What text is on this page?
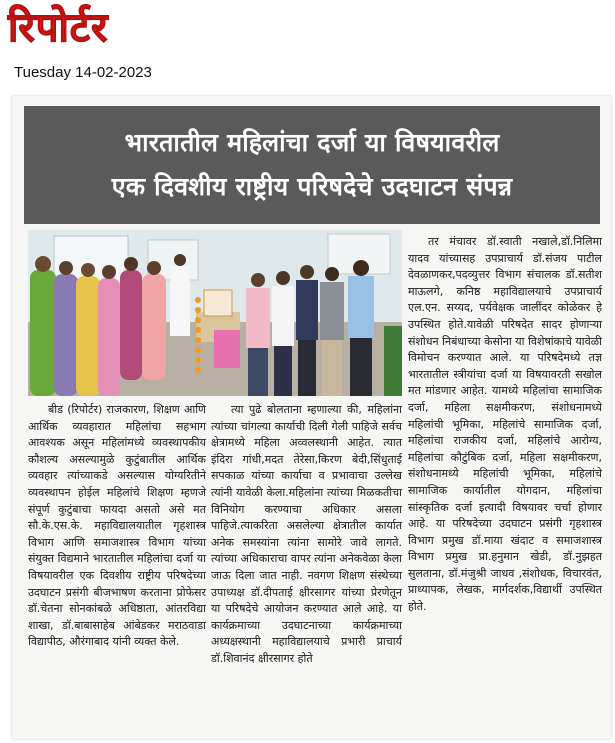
रिपोर्टर
Tuesday 14-02-2023
भारतातील महिलांचा दर्जा या विषयावरील
एक दिवशीय राष्ट्रीय परिषदेचे उदघाटन संपन्न

बीड (रिपोर्टर) राजकारण, शिक्षण आणि आर्थिक व्यवहारात महिलांचा सहभाग आवश्यक असून महिलांमध्ये व्यवस्थापकीय कौशल्य असल्यामुळे कुटुंबातील आर्थिक व्यवहार त्यांच्याकडे असल्यास योग्यरितीने व्यवस्थापन होईल महिलांचे शिक्षण म्हणजे संपूर्ण कुटुंबाचा फायदा असतो असे मत सौ.के.एस.के. महाविद्यालयातील गृहशास्त्र विभाग आणि समाजशास्त्र विभाग यांच्या संयुक्त विद्यमाने भारतातील महिलांचा दर्जा या विषयावरील एक दिवशीय राष्ट्रीय परिषदेच्या उदघाटन प्रसंगी बीजभाषण करताना प्रोफेसर डॉ.चेतना सोनकांबळे अधिष्ठाता, आंतरविद्या शाखा, डॉ.बाबासाहेब आंबेडकर मराठवाडा विद्यापीठ, औरंगाबाद यांनी व्यक्त केले.

त्या पुढे बोलताना म्हणाल्या की, महिलांना त्यांच्या चांगल्या कार्याची दिली गेली पाहिजे सर्वच क्षेत्रामध्ये महिला अव्वलस्थानी आहेत. त्यात इंदिरा गांधी,मदत तेरेसा,किरण बेदी,सिंधुताई सपकाळ यांच्या कार्याचा व प्रभावाचा उल्लेख त्यांनी यावेळी केला.महिलांना त्यांच्या मिळकतीचा विनियोग करण्याचा अधिकार असला पाहिजे.त्याकरिता असलेल्या क्षेत्रातील कार्यात अनेक समस्यांना त्यांना सामोरे जावे लागते. त्यांच्या अधिकाराचा वापर त्यांना अनेकवेळा केला जाऊ दिला जात नाही. नवगण शिक्षण संस्थेच्या उपाध्यक्ष डॉ.दीपताई क्षीरसागर यांच्या प्रेरणेतून या परिषदेचे आयोजन करण्यात आले आहे. या कार्यक्रमाच्या उदघाटनाच्या कार्यक्रमाच्या अध्यक्षस्थानी महाविद्यालयाचे प्रभारी प्राचार्य डॉ.शिवानंद क्षीरसागर होते

तर मंचावर डॉ.स्वाती नखाले,डॉ.निलिमा यादव यांच्यासह उपप्राचार्य डॉ.संजय पाटील देवळाणकर,पदव्युत्तर विभाग संचालक डॉ.सतीश माऊलगे, कनिष्ठ महाविद्यालयाचे उपप्राचार्य एल.एन. सय्यद, पर्यवेक्षक जालींदर कोळेकर हे उपस्थित होते.यावेळी परिषदेत सादर होणाऱ्या संशोधन निबंधाच्या केसोना या विशेषांकाचे यावेळी विमोचन करण्यात आले. या परिषदेमध्ये तज्ञ भारतातील स्त्रीयांचा दर्जा या विषयावरती सखोल मत मांडणार आहेत. यामध्ये महिलांचा सामाजिक दर्जा, महिला सक्षमीकरण, संशोधनामध्ये महिलांची भूमिका, महिलांचे सामाजिक दर्जा, महिलांचा राजकीय दर्जा, महिलांचे आरोग्य, महिलांचा कौटुंबिक दर्जा, महिला सक्षमीकरण, संशोधनामध्ये महिलांची भूमिका, महिलांचे सामाजिक कार्यातील योगदान, महिलांचा सांस्कृतिक दर्जा इत्यादी विषयावर चर्चा होणार आहे. या परिषदेच्या उदघाटन प्रसंगी गृहशास्त्र विभाग प्रमुख डॉ.माया खंदाट व समाजशास्त्र विभाग प्रमुख प्रा.हनुमान खेडी, डॉ.नुझहत सुलताना, डॉ.मंजुश्री जाधव ,संशोधक, विचारवंत, प्राध्यापक, लेखक, मार्गदर्शक,विद्यार्थी उपस्थित होते.
